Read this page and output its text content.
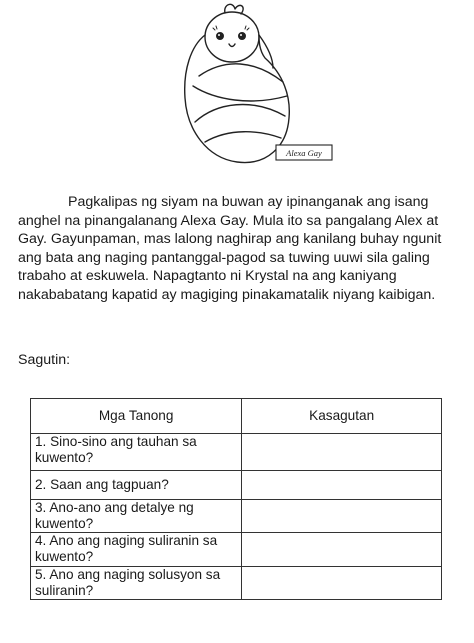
Alexa Gay

Pagkalipas ng siyam na buwan ay ipinanganak ang isang anghel na pinangalanang Alexa Gay. Mula ito sa pangalang Alex at Gay. Gayunpaman, mas lalong naghirap ang kanilang buhay ngunit ang bata ang naging pantanggal-pagod sa tuwing uuwi sila galing trabaho at eskuwela. Napagtanto ni Krystal na ang kaniyang nakababatang kapatid ay magiging pinakamatalik niyang kaibigan.

Sagutin:

Mga Tanong	Kasagutan
1. Sino-sino ang tauhan sa kuwento?	
2. Saan ang tagpuan?	
3. Ano-ano ang detalye ng kuwento?	
4. Ano ang naging suliranin sa kuwento?	
5. Ano ang naging solusyon sa suliranin?	
